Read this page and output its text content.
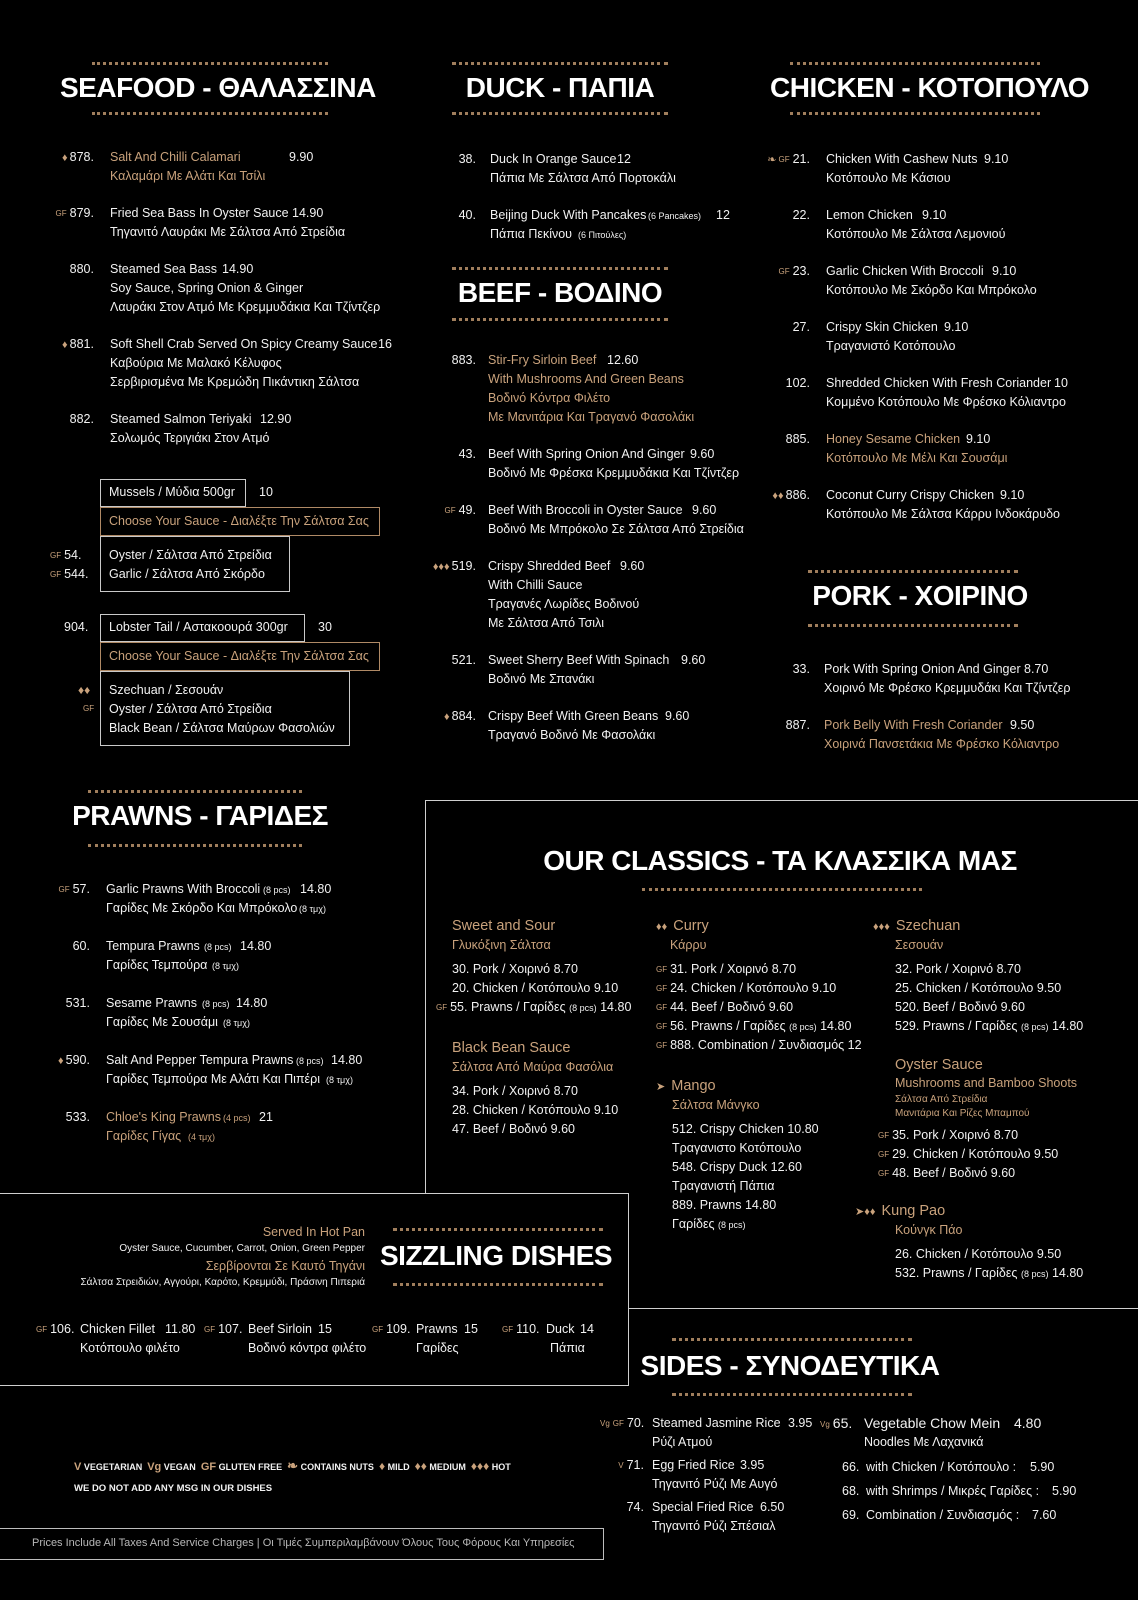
SEAFOOD - ΘΑΛΑΣΣΙΝΑ
♦ 878. Salt And Chilli Calamari	9.90
Καλαμάρι Με Αλάτι Και Τσίλι
GF 879. Fried Sea Bass In Oyster Sauce 14.90
Τηγανιτό Λαυράκι Με Σάλτσα Από Στρείδια
880. Steamed Sea Bass 14.90
Soy Sauce, Spring Onion & Ginger
Λαυράκι Στον Ατμό Με Κρεμμυδάκια Και Τζίντζερ
♦ 881. Soft Shell Crab Served On Spicy Creamy Sauce 16
Καβούρια Με Μαλακό Κέλυφος
Σερβιρισμένα Με Κρεμώδη Πικάντικη Σάλτσα
882. Steamed Salmon Teriyaki 12.90
Σολωμός Τεριγιάκι Στον Ατμό
Mussels / Μύδια 500gr 10
Choose Your Sauce - Διαλέξτε Την Σάλτσα Σας
GF 54. Oyster / Σάλτσα Από Στρείδια
GF 544. Garlic / Σάλτσα Από Σκόρδο
904. Lobster Tail / Αστακοουρά 300gr 30
Choose Your Sauce - Διαλέξτε Την Σάλτσα Σας
♦♦ Szechuan / Σεσουάν
GF Oyster / Σάλτσα Από Στρείδια
Black Bean / Σάλτσα Μαύρων Φασολιών
DUCK - ΠΑΠΙΑ
38. Duck In Orange Sauce 12
Πάπια Με Σάλτσα Από Πορτοκάλι
40. Beijing Duck With Pancakes (6 Pancakes) 12
Πάπια Πεκίνου (6 Πιτούλες)
BEEF - ΒΟΔΙΝΟ
883. Stir-Fry Sirloin Beef 12.60
With Mushrooms And Green Beans
Βοδινό Κόντρα Φιλέτο
Με Μανιτάρια Και Τραγανό Φασολάκι
43. Beef With Spring Onion And Ginger 9.60
Βοδινό Με Φρέσκα Κρεμμυδάκια Και Τζίντζερ
GF 49. Beef With Broccoli in Oyster Sauce 9.60
Βοδινό Με Μπρόκολο Σε Σάλτσα Από Στρείδια
♦♦♦ 519. Crispy Shredded Beef 9.60
With Chilli Sauce
Τραγανές Λωρίδες Βοδινού
Με Σάλτσα Από Τσιλι
521. Sweet Sherry Beef With Spinach 9.60
Βοδινό Με Σπανάκι
♦ 884. Crispy Beef With Green Beans 9.60
Τραγανό Βοδινό Με Φασολάκι
CHICKEN - ΚΟΤΟΠΟΥΛΟ
❧ GF 21. Chicken With Cashew Nuts 9.10
Κοτόπουλο Με Κάσιου
22. Lemon Chicken 9.10
Κοτόπουλο Με Σάλτσα Λεμονιού
GF 23. Garlic Chicken With Broccoli 9.10
Κοτόπουλο Με Σκόρδο Και Μπρόκολο
27. Crispy Skin Chicken 9.10
Τραγανιστό Κοτόπουλο
102. Shredded Chicken With Fresh Coriander 10
Κομμένο Κοτόπουλο Με Φρέσκο Κόλιαντρο
885. Honey Sesame Chicken 9.10
Κοτόπουλο Με Μέλι Και Σουσάμι
♦♦ 886. Coconut Curry Crispy Chicken 9.10
Κοτόπουλο Με Σάλτσα Κάρρυ Ινδοκάρυδο
PORK - ΧΟΙΡΙΝΟ
33. Pork With Spring Onion And Ginger 8.70
Χοιρινό Με Φρέσκο Κρεμμυδάκι Και Τζίντζερ
887. Pork Belly With Fresh Coriander 9.50
Χοιρινά Πανσετάκια Με Φρέσκο Κόλιαντρο
PRAWNS - ΓΑΡΙΔΕΣ
GF 57. Garlic Prawns With Broccoli (8 pcs) 14.80
Γαρίδες Με Σκόρδο Και Μπρόκολο (8 τμχ)
60. Tempura Prawns (8 pcs) 14.80
Γαρίδες Τεμπούρα (8 τμχ)
531. Sesame Prawns (8 pcs) 14.80
Γαρίδες Με Σουσάμι (8 τμχ)
♦ 590. Salt And Pepper Tempura Prawns (8 pcs) 14.80
Γαρίδες Τεμπούρα Με Αλάτι Και Πιπέρι (8 τμχ)
533. Chloe's King Prawns (4 pcs) 21
Γαρίδες Γίγας (4 τμχ)
OUR CLASSICS - ΤΑ ΚΛΑΣΣΙΚΑ ΜΑΣ
Sweet and Sour
Γλυκόξινη Σάλτσα
30. Pork / Χοιρινό 8.70
20. Chicken / Κοτόπουλο 9.10
GF 55. Prawns / Γαρίδες (8 pcs) 14.80
Black Bean Sauce
Σάλτσα Από Μαύρα Φασόλια
34. Pork / Χοιρινό 8.70
28. Chicken / Κοτόπουλο 9.10
47. Beef / Βοδινό 9.60
♦♦ Curry
Κάρρυ
GF 31. Pork / Χοιρινό 8.70
GF 24. Chicken / Κοτόπουλο 9.10
GF 44. Beef / Βοδινό 9.60
GF 56. Prawns / Γαρίδες (8 pcs) 14.80
GF 888. Combination / Συνδιασμός 12
➤ Mango
Σάλτσα Μάνγκο
512. Crispy Chicken 10.80
Τραγανιστο Κοτόπουλο
548. Crispy Duck 12.60
Τραγανιστή Πάπια
889. Prawns 14.80
Γαρίδες (8 pcs)
♦♦♦ Szechuan
Σεσουάν
32. Pork / Χοιρινό 8.70
25. Chicken / Κοτόπουλο 9.50
520. Beef / Βοδινό 9.60
529. Prawns / Γαρίδες (8 pcs) 14.80
Oyster Sauce
Mushrooms and Bamboo Shoots
Σάλτσα Από Στρείδια
Μανιτάρια Και Ρίζες Μπαμπού
GF 35. Pork / Χοιρινό 8.70
GF 29. Chicken / Κοτόπουλο 9.50
GF 48. Beef / Βοδινό 9.60
➤♦♦ Kung Pao
Κούνγκ Πάο
26. Chicken / Κοτόπουλο 9.50
532. Prawns / Γαρίδες (8 pcs) 14.80
Served In Hot Pan
Oyster Sauce, Cucumber, Carrot, Onion, Green Pepper
Σερβίρονται Σε Καυτό Τηγάνι
Σάλτσα Στρειδιών, Αγγούρι, Καρότο, Κρεμμύδι, Πράσινη Πιπεριά
SIZZLING DISHES
GF 106. Chicken Fillet 11.80
Κοτόπουλο φιλέτο
GF 107. Beef Sirloin 15
Βοδινό κόντρα φιλέτο
GF 109. Prawns 15
Γαρίδες
GF 110. Duck 14
Πάπια
SIDES - ΣΥΝΟΔΕΥΤΙΚΑ
Vg GF 70. Steamed Jasmine Rice 3.95
Ρύζι Ατμού
V 71. Egg Fried Rice 3.95
Τηγανιτό Ρύζι Με Αυγό
74. Special Fried Rice 6.50
Τηγανιτό Ρύζι Σπέσιαλ
Vg 65. Vegetable Chow Mein 4.80
Noodles Με Λαχανικά
66. with Chicken / Κοτόπουλο : 5.90
68. with Shrimps / Μικρές Γαρίδες : 5.90
69. Combination / Συνδιασμός : 7.60
V VEGETARIAN Vg VEGAN GF GLUTEN FREE ❧ CONTAINS NUTS ♦ MILD ♦♦ MEDIUM ♦♦♦ HOT
WE DO NOT ADD ANY MSG IN OUR DISHES
Prices Include All Taxes And Service Charges | Οι Τιμές Συμπεριλαμβάνουν Όλους Τους Φόρους Και Υπηρεσίες
